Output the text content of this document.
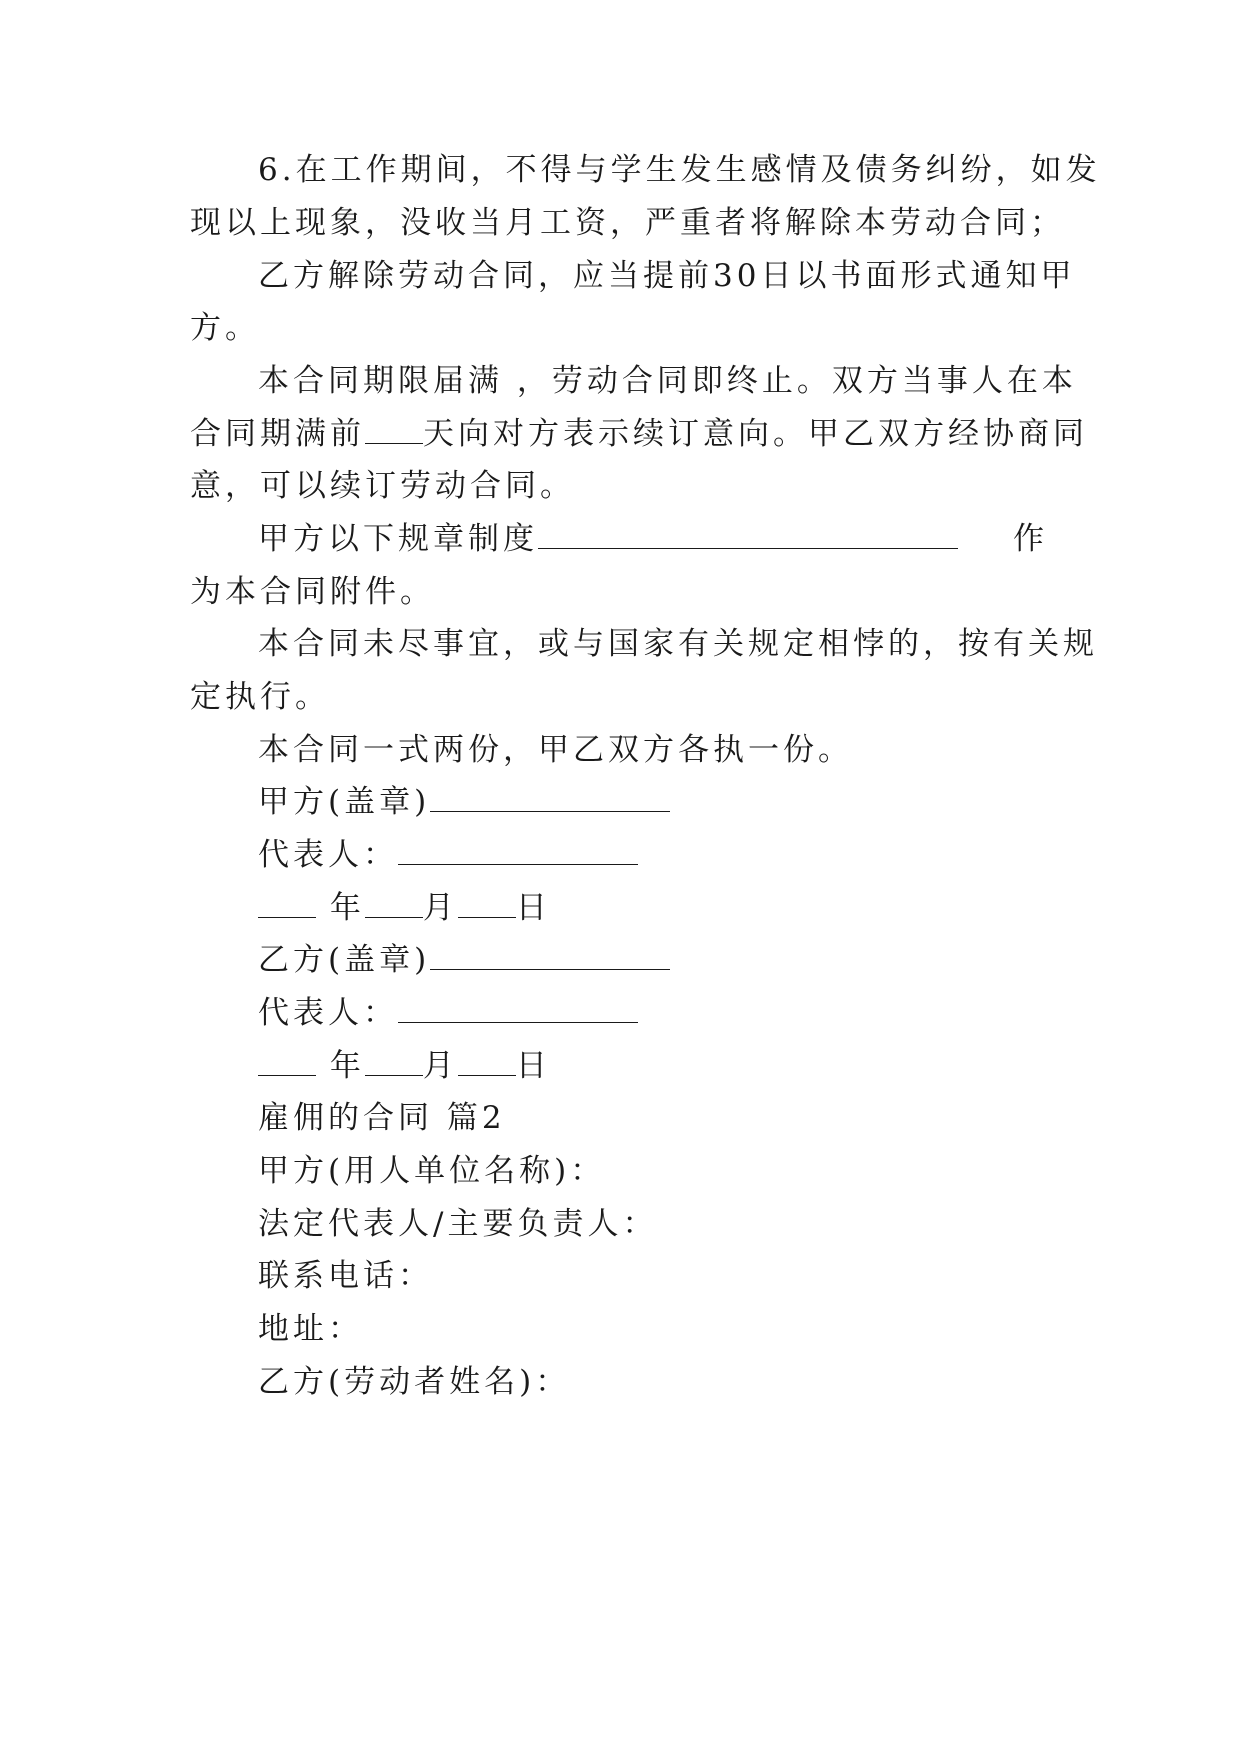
6.在工作期间，不得与学生发生感情及债务纠纷，如发
现以上现象，没收当月工资，严重者将解除本劳动合同；
乙方解除劳动合同，应当提前30日以书面形式通知甲
方。
本合同期限届满 ，劳动合同即终止。双方当事人在本
合同期满前 天向对方表示续订意向。甲乙双方经协商同
意，可以续订劳动合同。
甲方以下规章制度	作
为本合同附件。
本合同未尽事宜，或与国家有关规定相悖的，按有关规
定执行。
本合同一式两份，甲乙双方各执一份。
甲方(盖章)
代表人：
年 月 日
乙方(盖章)
代表人：
年 月 日
雇佣的合同 篇2
甲方(用人单位名称)：
法定代表人/主要负责人：
联系电话：
地址：
乙方(劳动者姓名)：
